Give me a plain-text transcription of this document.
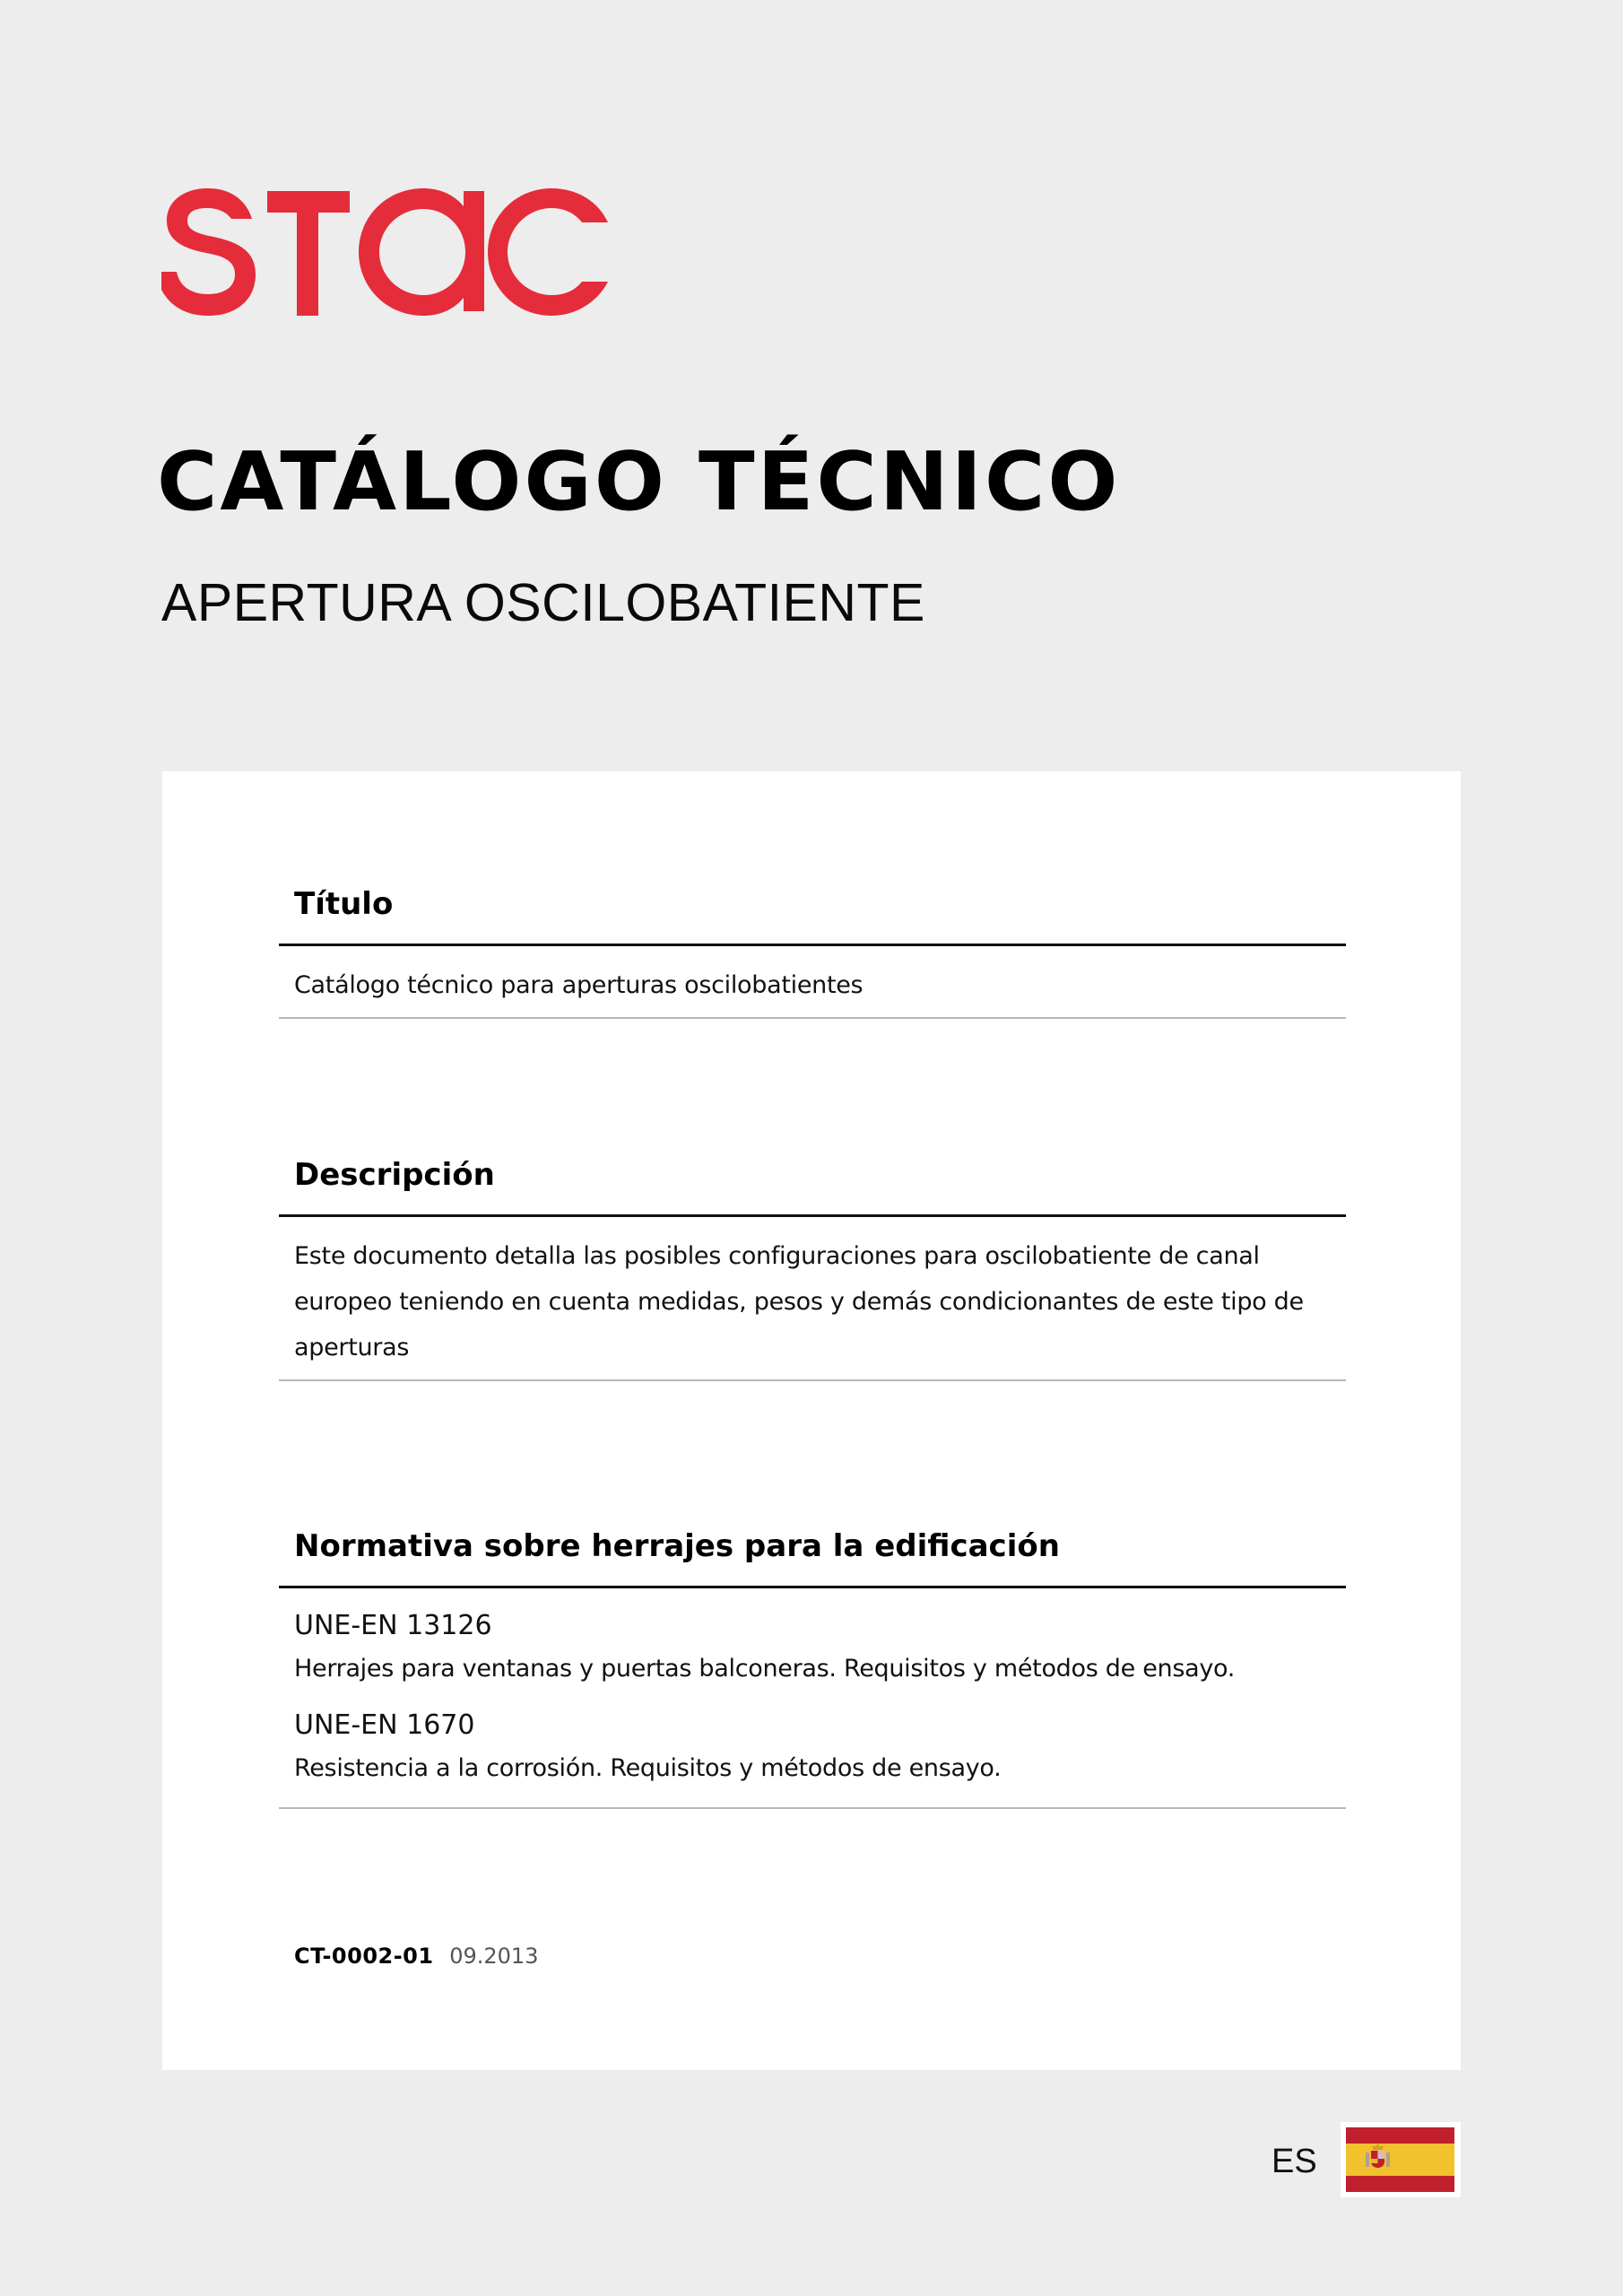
CATÁLOGO TÉCNICO
APERTURA OSCILOBATIENTE
Título

Catálogo técnico para aperturas oscilobatientes

Descripción

Este documento detalla las posibles configuraciones para oscilobatiente de canal europeo teniendo en cuenta medidas, pesos y demás condicionantes de este tipo de aperturas

Normativa sobre herrajes para la edificación

UNE-EN 13126

Herrajes para ventanas y puertas balconeras. Requisitos y métodos de ensayo.

UNE-EN 1670

Resistencia a la corrosión. Requisitos y métodos de ensayo.

CT-0002-01 09.2013
ES
